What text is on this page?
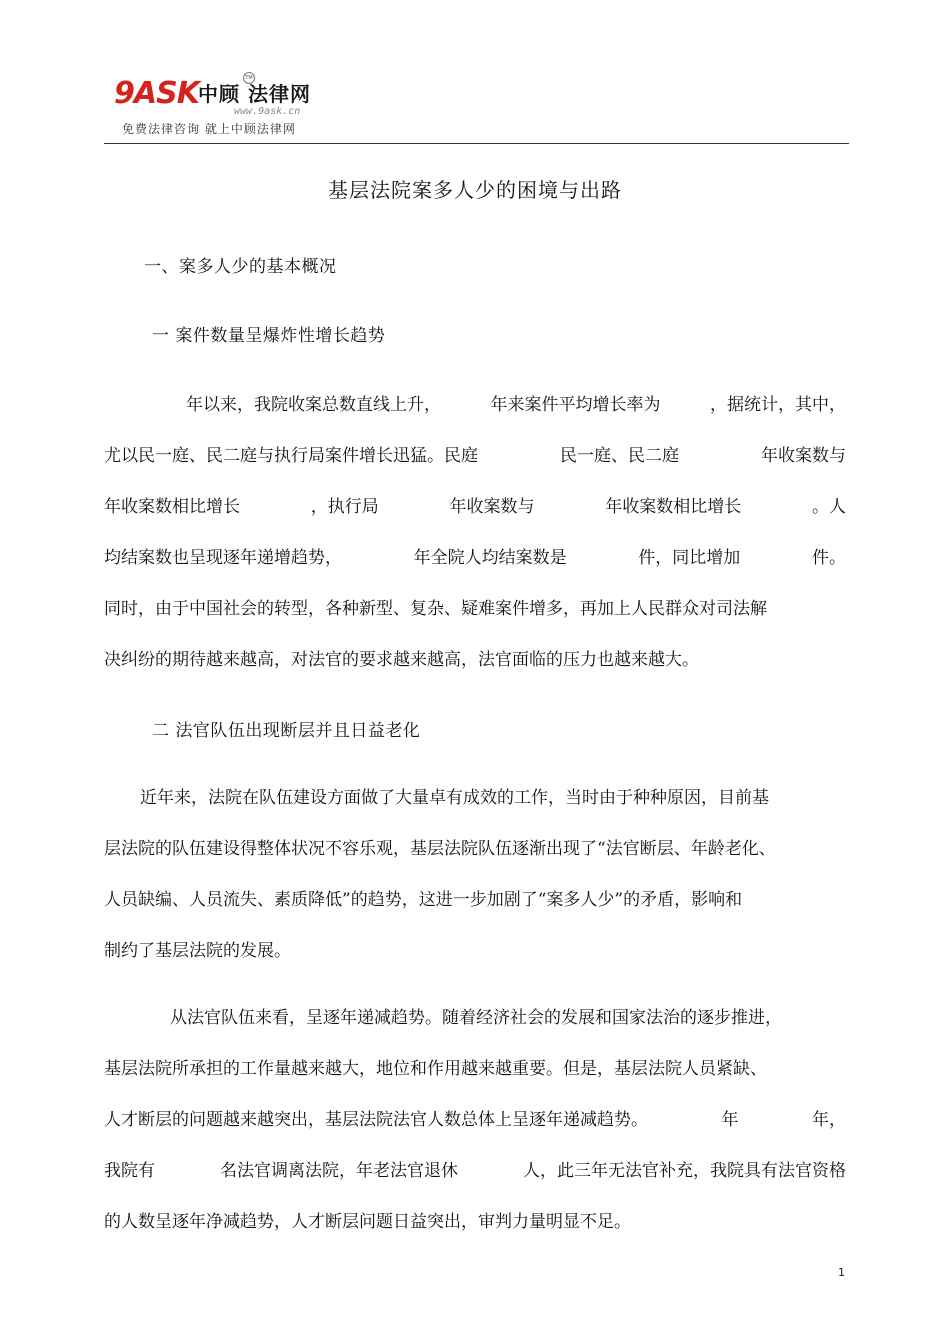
9ASK 中顾 法律网
TM
www.9ask.cn
免费法律咨询 就上中顾法律网
基层法院案多人少的困境与出路
一、案多人少的基本概况
一 案件数量呈爆炸性增长趋势
年以来，我院收案总数直线上升，	年来案件平均增长率为	，据统计，其中，
尤以民一庭、民二庭与执行局案件增长迅猛。民庭	民一庭、民二庭	年收案数与
年收案数相比增长	，执行局	年收案数与	年收案数相比增长	。人
均结案数也呈现逐年递增趋势，	年全院人均结案数是	件，同比增加	件。
同时，由于中国社会的转型，各种新型、复杂、疑难案件增多，再加上人民群众对司法解
决纠纷的期待越来越高，对法官的要求越来越高，法官面临的压力也越来越大。
二 法官队伍出现断层并且日益老化
近年来，法院在队伍建设方面做了大量卓有成效的工作，当时由于种种原因，目前基
层法院的队伍建设得整体状况不容乐观，基层法院队伍逐渐出现了“法官断层、年龄老化、
人员缺编、人员流失、素质降低”的趋势，这进一步加剧了“案多人少”的矛盾，影响和
制约了基层法院的发展。
从法官队伍来看，呈逐年递减趋势。随着经济社会的发展和国家法治的逐步推进，
基层法院所承担的工作量越来越大，地位和作用越来越重要。但是，基层法院人员紧缺、
人才断层的问题越来越突出，基层法院法官人数总体上呈逐年递减趋势。	年	年，
我院有	名法官调离法院，年老法官退休	人，此三年无法官补充，我院具有法官资格
的人数呈逐年净减趋势，人才断层问题日益突出，审判力量明显不足。
1
